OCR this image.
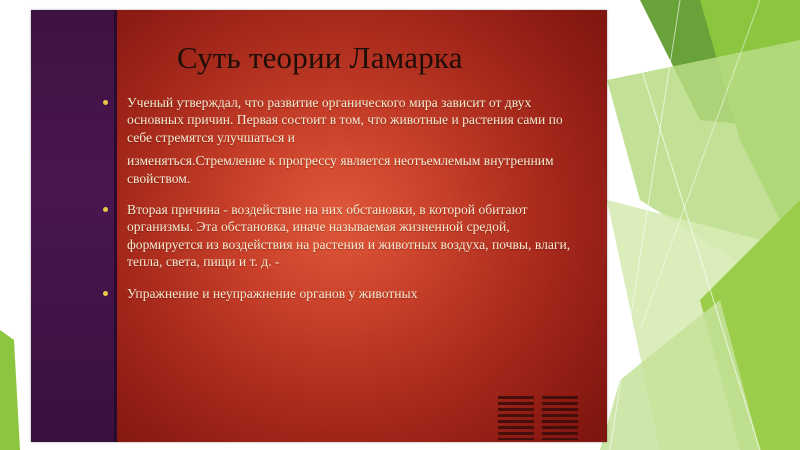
Суть теории Ламарка
Ученый утверждал, что развитие органического мира зависит от двух основных причин. Первая состоит в том, что животные и растения сами по себе стремятся улучшаться и
изменяться.Стремление к прогрессу является неотъемлемым внутренним свойством.
Вторая причина - воздействие на них обстановки, в которой обитают организмы. Эта обстановка, иначе называемая жизненной средой, формируется из воздействия на растения и животных воздуха, почвы, влаги, тепла, света, пищи и т. д. -
Упражнение и неупражнение органов у животных
